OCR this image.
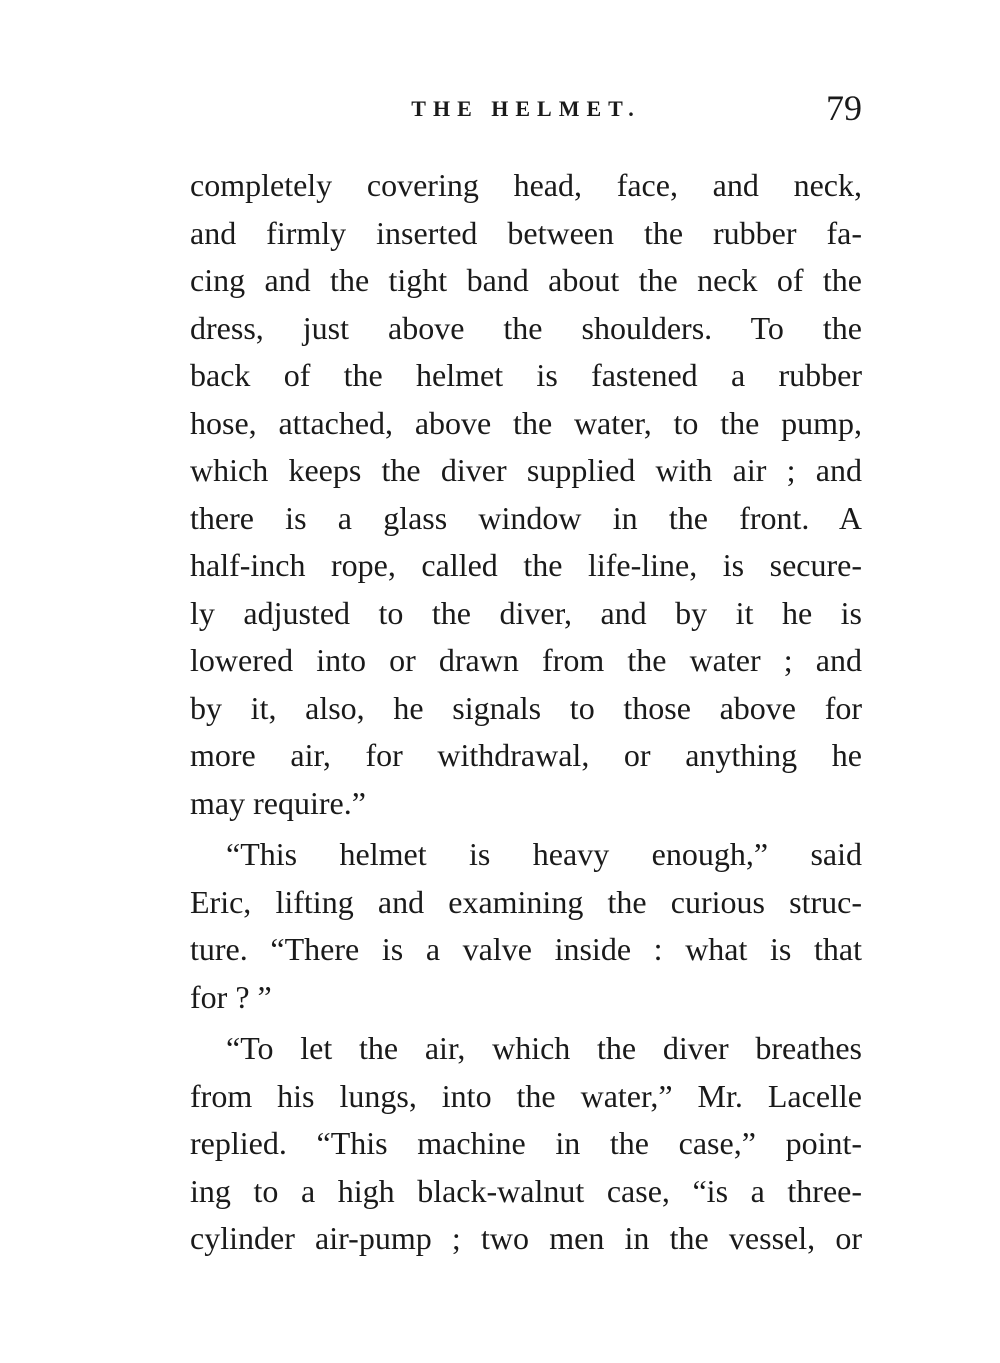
THE HELMET.	79
completely covering head, face, and neck,
and firmly inserted between the rubber fa-
cing and the tight band about the neck of the
dress, just above the shoulders. To the
back of the helmet is fastened a rubber
hose, attached, above the water, to the pump,
which keeps the diver supplied with air ; and
there is a glass window in the front. A
half-inch rope, called the life-line, is secure-
ly adjusted to the diver, and by it he is
lowered into or drawn from the water ; and
by it, also, he signals to those above for
more air, for withdrawal, or anything he
may require.”
“This helmet is heavy enough,” said
Eric, lifting and examining the curious struc-
ture. “There is a valve inside : what is that
for ? ”
“To let the air, which the diver breathes
from his lungs, into the water,” Mr. Lacelle
replied. “This machine in the case,” point-
ing to a high black-walnut case, “is a three-
cylinder air-pump ; two men in the vessel, or
